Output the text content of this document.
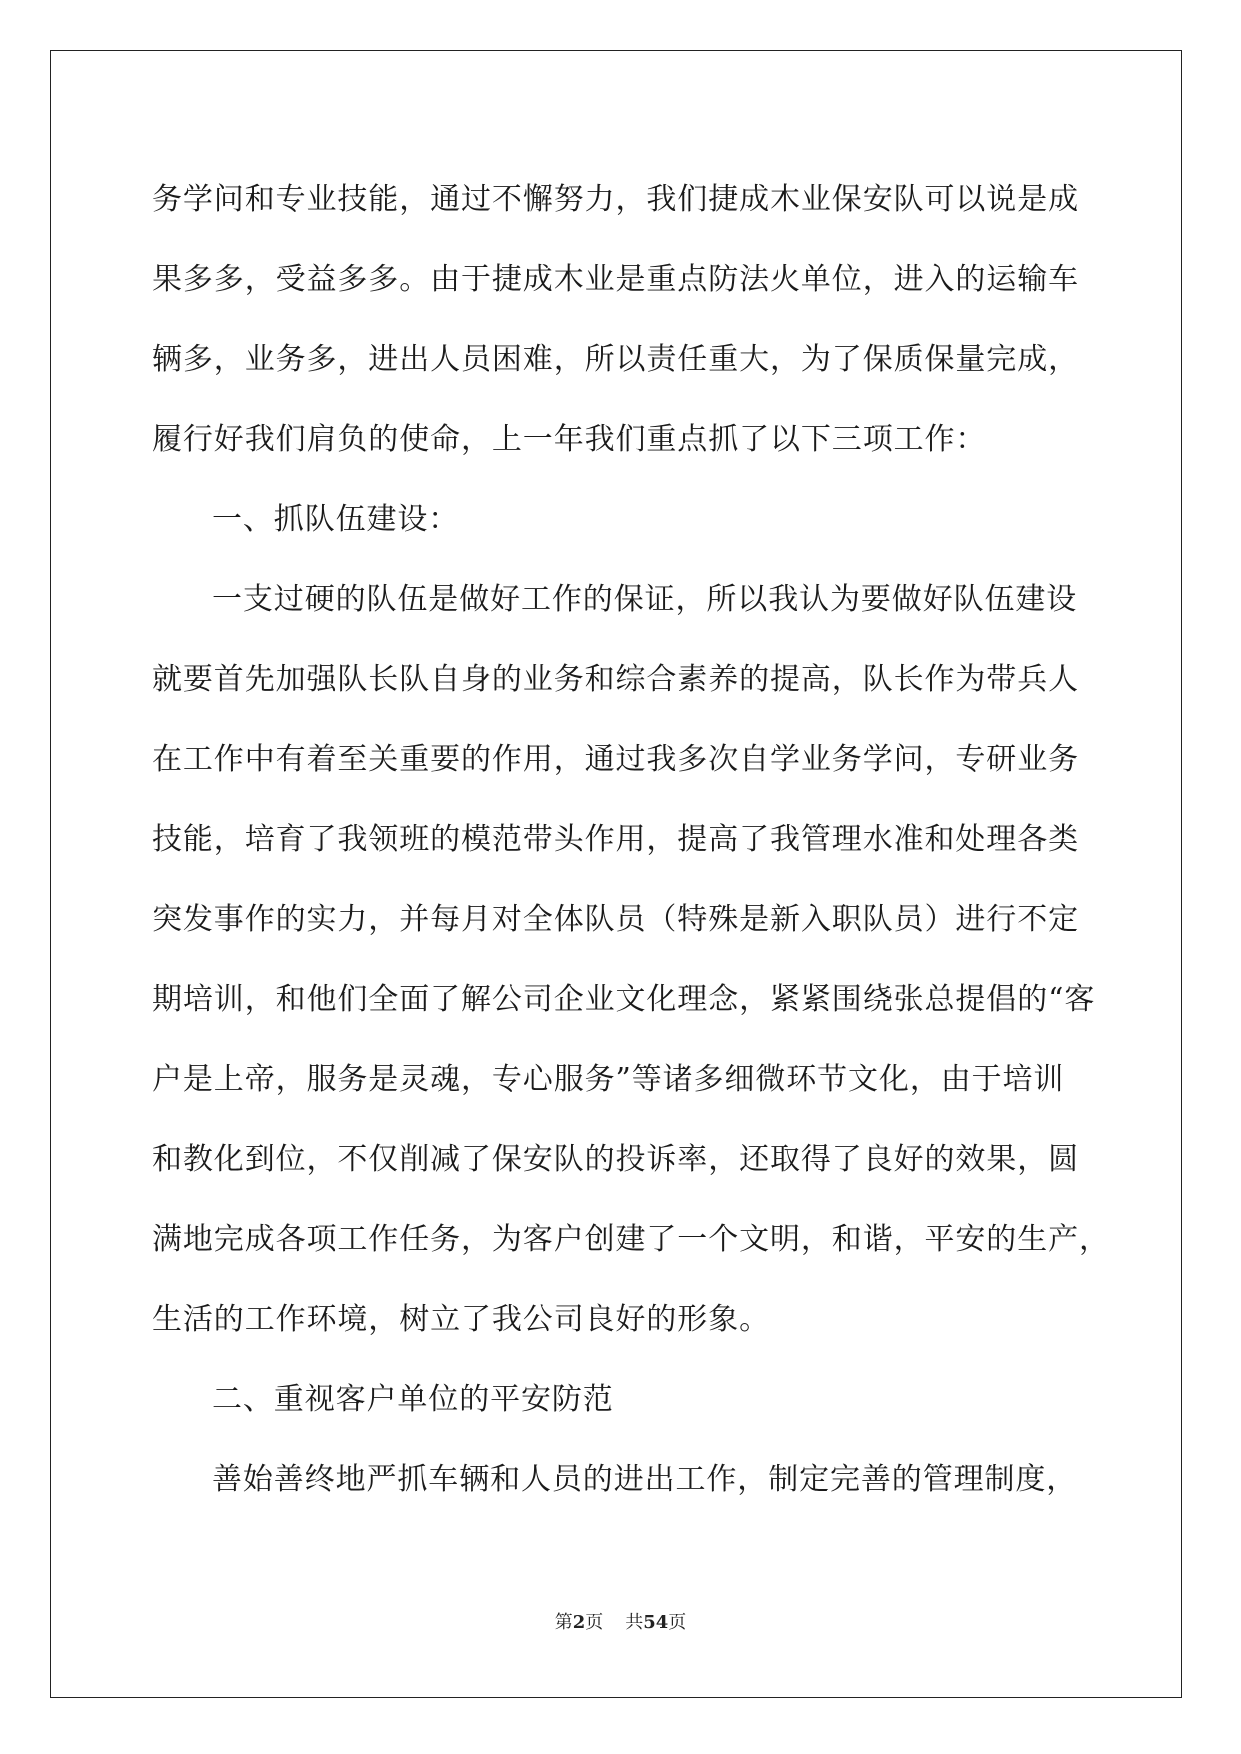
务学问和专业技能，通过不懈努力，我们捷成木业保安队可以说是成
果多多，受益多多。由于捷成木业是重点防法火单位，进入的运输车
辆多，业务多，进出人员困难，所以责任重大，为了保质保量完成，
履行好我们肩负的使命，上一年我们重点抓了以下三项工作：
一、抓队伍建设：
一支过硬的队伍是做好工作的保证，所以我认为要做好队伍建设
就要首先加强队长队自身的业务和综合素养的提高，队长作为带兵人
在工作中有着至关重要的作用，通过我多次自学业务学问，专研业务
技能，培育了我领班的模范带头作用，提高了我管理水准和处理各类
突发事作的实力，并每月对全体队员（特殊是新入职队员）进行不定
期培训，和他们全面了解公司企业文化理念，紧紧围绕张总提倡的“客
户是上帝，服务是灵魂，专心服务”等诸多细微环节文化，由于培训
和教化到位，不仅削减了保安队的投诉率，还取得了良好的效果，圆
满地完成各项工作任务，为客户创建了一个文明，和谐，平安的生产，
生活的工作环境，树立了我公司良好的形象。
二、重视客户单位的平安防范
善始善终地严抓车辆和人员的进出工作，制定完善的管理制度，
第2页 共54页
